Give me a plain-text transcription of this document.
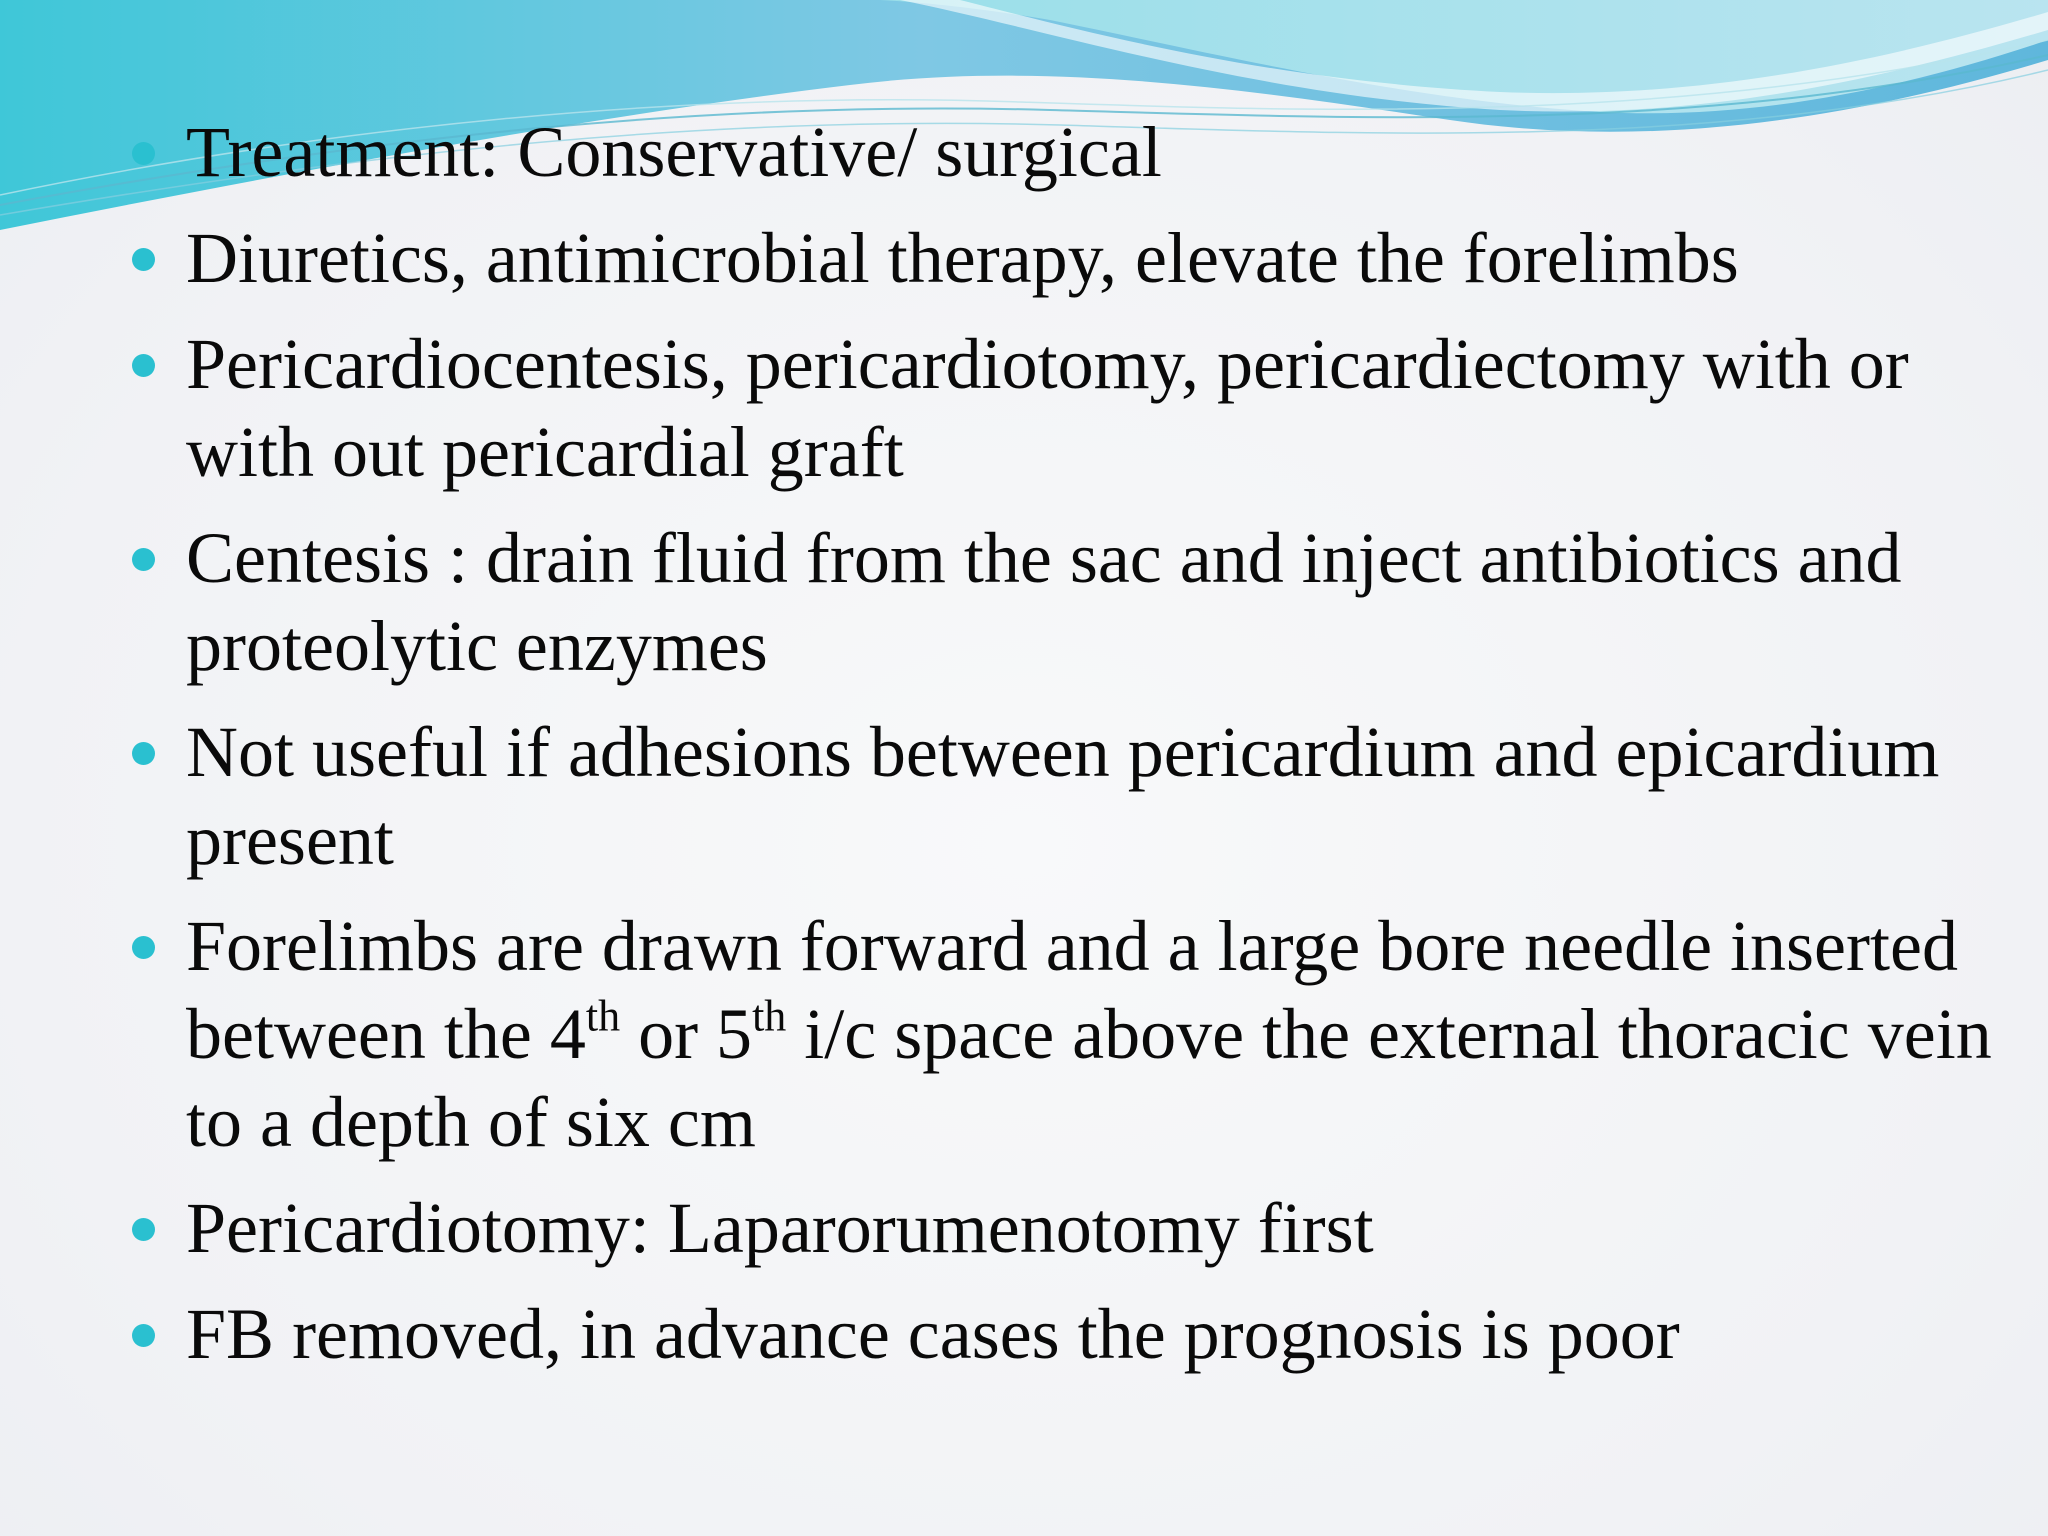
Treatment: Conservative/ surgical
Diuretics, antimicrobial therapy, elevate the forelimbs
Pericardiocentesis, pericardiotomy, pericardiectomy with or with out pericardial graft
Centesis : drain fluid from the sac and inject antibiotics and proteolytic enzymes
Not useful if adhesions between pericardium and epicardium present
Forelimbs are drawn forward and a large bore needle inserted between the 4th or 5th i/c space above the external thoracic vein to a depth of six cm
Pericardiotomy: Laparorumenotomy first
FB removed, in advance cases the prognosis is poor
